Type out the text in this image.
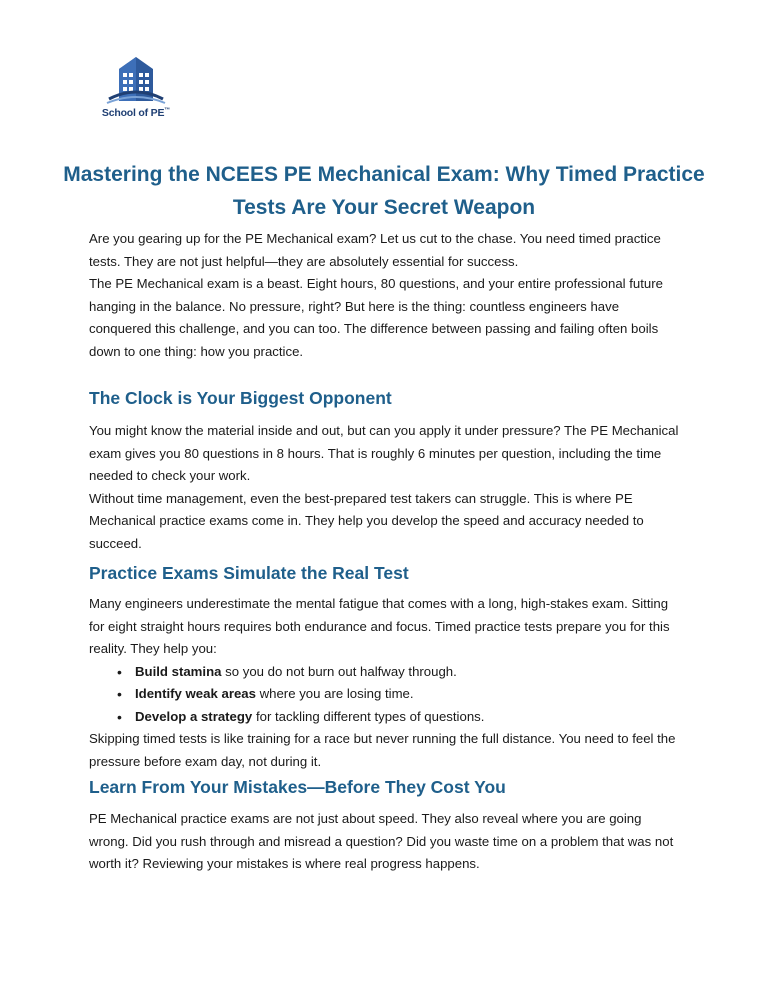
School of PE™
Mastering the NCEES PE Mechanical Exam: Why Timed Practice Tests Are Your Secret Weapon

Are you gearing up for the PE Mechanical exam? Let us cut to the chase. You need timed practice tests. They are not just helpful—they are absolutely essential for success.

The PE Mechanical exam is a beast. Eight hours, 80 questions, and your entire professional future hanging in the balance. No pressure, right? But here is the thing: countless engineers have conquered this challenge, and you can too. The difference between passing and failing often boils down to one thing: how you practice.

The Clock is Your Biggest Opponent

You might know the material inside and out, but can you apply it under pressure? The PE Mechanical exam gives you 80 questions in 8 hours. That is roughly 6 minutes per question, including the time needed to check your work.

Without time management, even the best-prepared test takers can struggle. This is where PE Mechanical practice exams come in. They help you develop the speed and accuracy needed to succeed.

Practice Exams Simulate the Real Test

Many engineers underestimate the mental fatigue that comes with a long, high-stakes exam. Sitting for eight straight hours requires both endurance and focus. Timed practice tests prepare you for this reality. They help you:

• Build stamina so you do not burn out halfway through.
• Identify weak areas where you are losing time.
• Develop a strategy for tackling different types of questions.

Skipping timed tests is like training for a race but never running the full distance. You need to feel the pressure before exam day, not during it.

Learn From Your Mistakes—Before They Cost You

PE Mechanical practice exams are not just about speed. They also reveal where you are going wrong. Did you rush through and misread a question? Did you waste time on a problem that was not worth it? Reviewing your mistakes is where real progress happens.
